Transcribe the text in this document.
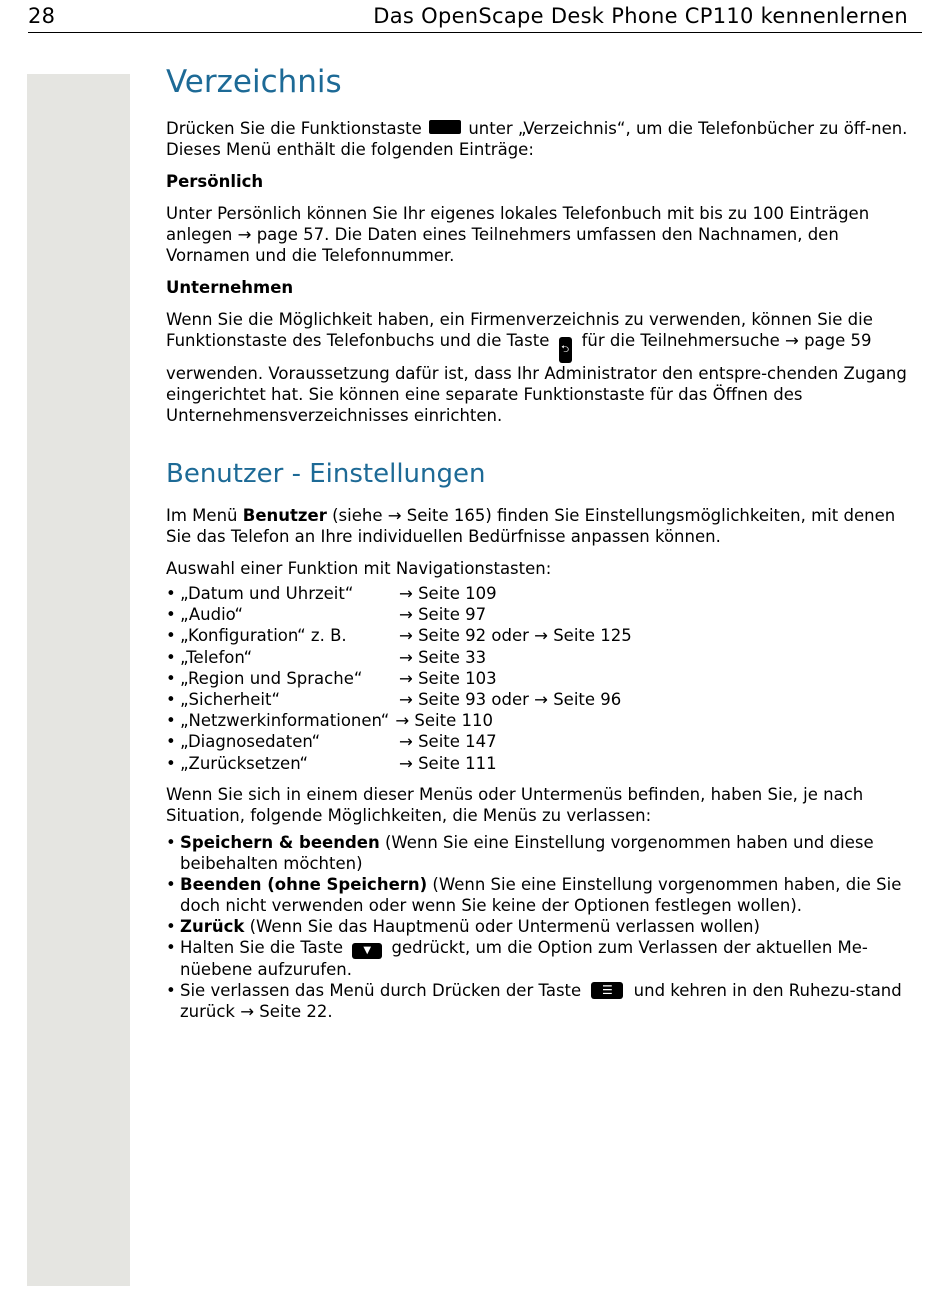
28	Das OpenScape Desk Phone CP110 kennenlernen
Verzeichnis

Drücken Sie die Funktionstaste	unter „Verzeichnis“, um die Telefonbücher zu öff-nen. Dieses Menü enthält die folgenden Einträge:

Persönlich

Unter Persönlich können Sie Ihr eigenes lokales Telefonbuch mit bis zu 100 Einträgen anlegen → page 57. Die Daten eines Teilnehmers umfassen den Nachnamen, den Vornamen und die Telefonnummer.

Unternehmen

Wenn Sie die Möglichkeit haben, ein Firmenverzeichnis zu verwenden, können Sie die Funktionstaste des Telefonbuchs und die Taste ⮌ für die Teilnehmersuche → page 59 verwenden. Voraussetzung dafür ist, dass Ihr Administrator den entspre-chenden Zugang eingerichtet hat. Sie können eine separate Funktionstaste für das Öffnen des Unternehmensverzeichnisses einrichten.

Benutzer - Einstellungen

Im Menü Benutzer (siehe → Seite 165) finden Sie Einstellungsmöglichkeiten, mit denen Sie das Telefon an Ihre individuellen Bedürfnisse anpassen können.

Auswahl einer Funktion mit Navigationstasten:

• „Datum und Uhrzeit“	→ Seite 109
• „Audio“	→ Seite 97
• „Konfiguration“ z. B.	→ Seite 92 oder → Seite 125
• „Telefon“	→ Seite 33
• „Region und Sprache“ → Seite 103
• „Sicherheit“	→ Seite 93 oder → Seite 96
• „Netzwerkinformationen“ → Seite 110
• „Diagnosedaten“	→ Seite 147
• „Zurücksetzen“	→ Seite 111

Wenn Sie sich in einem dieser Menüs oder Untermenüs befinden, haben Sie, je nach Situation, folgende Möglichkeiten, die Menüs zu verlassen:

• Speichern & beenden (Wenn Sie eine Einstellung vorgenommen haben und diese beibehalten möchten)
• Beenden (ohne Speichern) (Wenn Sie eine Einstellung vorgenommen haben, die Sie doch nicht verwenden oder wenn Sie keine der Optionen festlegen wollen).
• Zurück (Wenn Sie das Hauptmenü oder Untermenü verlassen wollen)
• Halten Sie die Taste ▼ gedrückt, um die Option zum Verlassen der aktuellen Me-nüebene aufzurufen.
• Sie verlassen das Menü durch Drücken der Taste ☰ und kehren in den Ruhezu-stand zurück → Seite 22.
